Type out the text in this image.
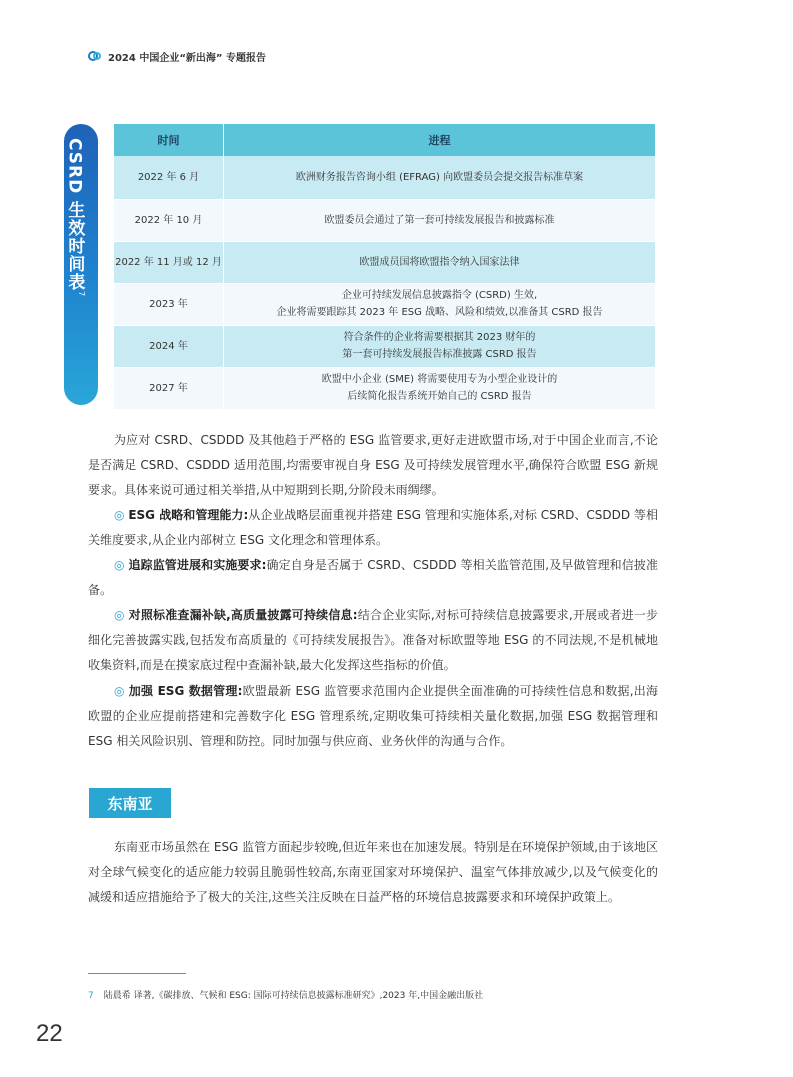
2024 中国企业“新出海” 专题报告
CSRD 生效时间表$^7$
时间	进程
2022 年 6 月	欧洲财务报告咨询小组 (EFRAG) 向欧盟委员会提交报告标准草案

2022 年 10 月	欧盟委员会通过了第一套可持续发展报告和披露标准

2022 年 11 月或 12 月	欧盟成员国将欧盟指令纳入国家法律

2023 年	企业可持续发展信息披露指令 (CSRD) 生效,
企业将需要跟踪其 2023 年 ESG 战略、风险和绩效,以准备其 CSRD 报告

2024 年	符合条件的企业将需要根据其 2023 财年的
第一套可持续发展报告标准披露 CSRD 报告

2027 年	欧盟中小企业 (SME) 将需要使用专为小型企业设计的
后续简化报告系统开始自己的 CSRD 报告

为应对 CSRD、CSDDD 及其他趋于严格的 ESG 监管要求,更好走进欧盟市场,对于中国企业而言,不论是否满足 CSRD、CSDDD 适用范围,均需要审视自身 ESG 及可持续发展管理水平,确保符合欧盟 ESG 新规要求。具体来说可通过相关举措,从中短期到长期,分阶段未雨绸缪。

◎ ESG 战略和管理能力:从企业战略层面重视并搭建 ESG 管理和实施体系,对标 CSRD、CSDDD 等相关维度要求,从企业内部树立 ESG 文化理念和管理体系。

◎ 追踪监管进展和实施要求:确定自身是否属于 CSRD、CSDDD 等相关监管范围,及早做管理和信披准备。

◎ 对照标准查漏补缺,高质量披露可持续信息:结合企业实际,对标可持续信息披露要求,开展或者进一步细化完善披露实践,包括发布高质量的《可持续发展报告》。准备对标欧盟等地 ESG 的不同法规,不是机械地收集资料,而是在摸家底过程中查漏补缺,最大化发挥这些指标的价值。

◎ 加强 ESG 数据管理:欧盟最新 ESG 监管要求范围内企业提供全面准确的可持续性信息和数据,出海欧盟的企业应提前搭建和完善数字化 ESG 管理系统,定期收集可持续相关量化数据,加强 ESG 数据管理和 ESG 相关风险识别、管理和防控。同时加强与供应商、业务伙伴的沟通与合作。

东南亚

东南亚市场虽然在 ESG 监管方面起步较晚,但近年来也在加速发展。特别是在环境保护领域,由于该地区对全球气候变化的适应能力较弱且脆弱性较高,东南亚国家对环境保护、温室气体排放减少,以及气候变化的减缓和适应措施给予了极大的关注,这些关注反映在日益严格的环境信息披露要求和环境保护政策上。

7 陆晨希 译著,《碳排放、气候和 ESG: 国际可持续信息披露标准研究》,2023 年,中国金融出版社
22
